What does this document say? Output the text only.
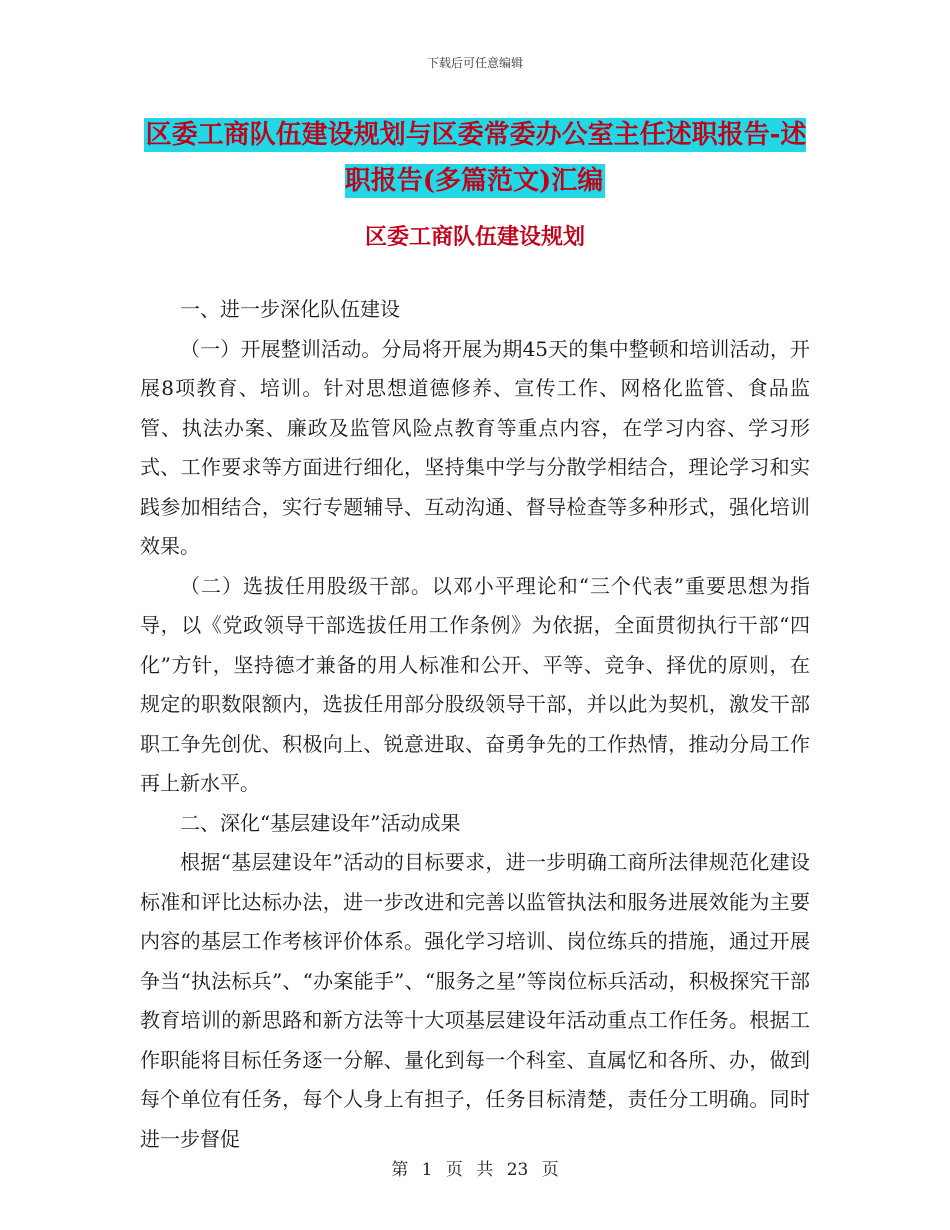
下载后可任意编辑
区委工商队伍建设规划与区委常委办公室主任述职报告-述职报告(多篇范文)汇编
区委工商队伍建设规划

一、进一步深化队伍建设

（一）开展整训活动。分局将开展为期45天的集中整顿和培训活动，开展8项教育、培训。针对思想道德修养、宣传工作、网格化监管、食品监管、执法办案、廉政及监管风险点教育等重点内容，在学习内容、学习形式、工作要求等方面进行细化，坚持集中学与分散学相结合，理论学习和实践参加相结合，实行专题辅导、互动沟通、督导检查等多种形式，强化培训效果。

（二）选拔任用股级干部。以邓小平理论和“三个代表”重要思想为指导，以《党政领导干部选拔任用工作条例》为依据，全面贯彻执行干部“四化”方针，坚持德才兼备的用人标准和公开、平等、竞争、择优的原则，在规定的职数限额内，选拔任用部分股级领导干部，并以此为契机，激发干部职工争先创优、积极向上、锐意进取、奋勇争先的工作热情，推动分局工作再上新水平。

二、深化“基层建设年”活动成果

根据“基层建设年”活动的目标要求，进一步明确工商所法律规范化建设标准和评比达标办法，进一步改进和完善以监管执法和服务进展效能为主要内容的基层工作考核评价体系。强化学习培训、岗位练兵的措施，通过开展争当“执法标兵”、“办案能手”、“服务之星”等岗位标兵活动，积极探究干部教育培训的新思路和新方法等十大项基层建设年活动重点工作任务。根据工作职能将目标任务逐一分解、量化到每一个科室、直属忆和各所、办，做到每个单位有任务，每个人身上有担子，任务目标清楚，责任分工明确。同时进一步督促

第 1 页 共 23 页
